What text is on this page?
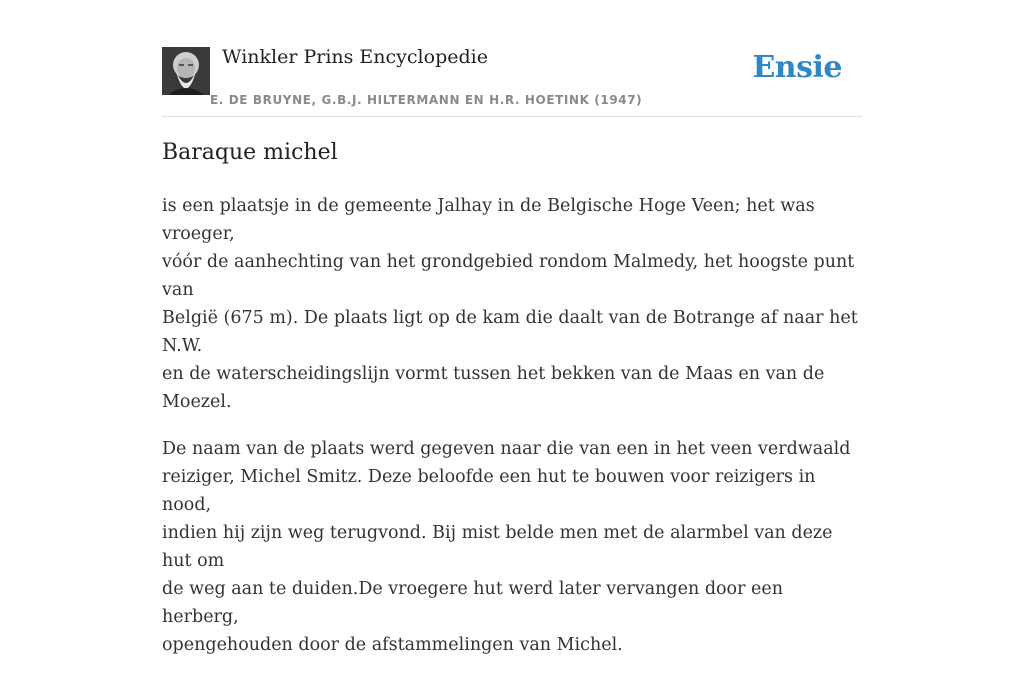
Winkler Prins Encyclopedie
E. DE BRUYNE, G.B.J. HILTERMANN EN H.R. HOETINK (1947)
Ensie
Baraque michel

is een plaatsje in de gemeente Jalhay in de Belgische Hoge Veen; het was vroeger,
vóór de aanhechting van het grondgebied rondom Malmedy, het hoogste punt van
België (675 m). De plaats ligt op de kam die daalt van de Botrange af naar het N.W.
en de waterscheidingslijn vormt tussen het bekken van de Maas en van de Moezel.

De naam van de plaats werd gegeven naar die van een in het veen verdwaald
reiziger, Michel Smitz. Deze beloofde een hut te bouwen voor reizigers in nood,
indien hij zijn weg terugvond. Bij mist belde men met de alarmbel van deze hut om
de weg aan te duiden.De vroegere hut werd later vervangen door een herberg,
opengehouden door de afstammelingen van Michel.
